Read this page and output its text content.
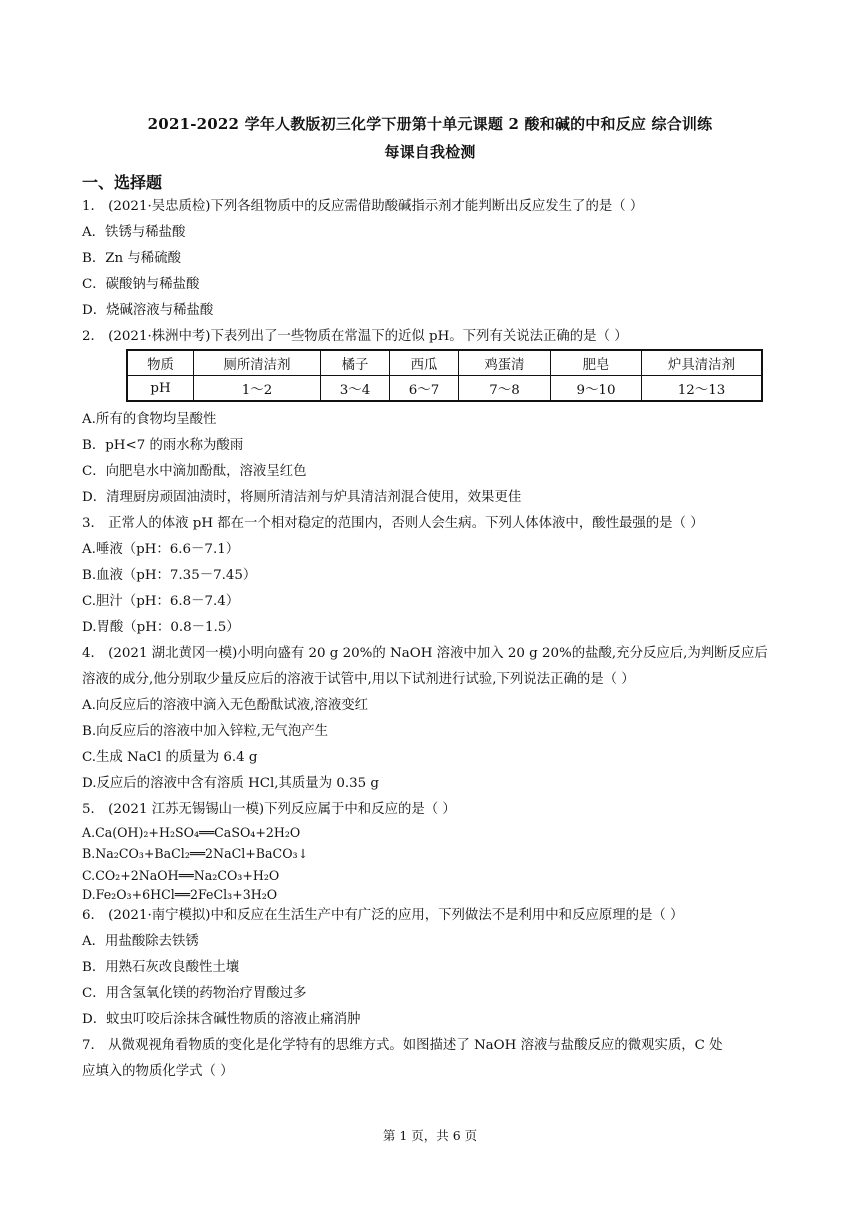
2021-2022 学年人教版初三化学下册第十单元课题 2 酸和碱的中和反应 综合训练
每课自我检测
一、选择题
1． (2021·吴忠质检)下列各组物质中的反应需借助酸碱指示剂才能判断出反应发生了的是（ ）
A．铁锈与稀盐酸
B．Zn 与稀硫酸
C．碳酸钠与稀盐酸
D．烧碱溶液与稀盐酸
2． (2021·株洲中考)下表列出了一些物质在常温下的近似 pH。下列有关说法正确的是（ ）
物质	厕所清洁剂	橘子	西瓜	鸡蛋清	肥皂	炉具清洁剂
pH	1～2	3～4	6～7	7～8	9～10	12～13
A.所有的食物均呈酸性
B．pH<7 的雨水称为酸雨
C．向肥皂水中滴加酚酞，溶液呈红色
D．清理厨房顽固油渍时，将厕所清洁剂与炉具清洁剂混合使用，效果更佳
3． 正常人的体液 pH 都在一个相对稳定的范围内，否则人会生病。下列人体体液中，酸性最强的是（ ）
A.唾液（pH：6.6－7.1）
B.血液（pH：7.35－7.45）
C.胆汁（pH：6.8－7.4）
D.胃酸（pH：0.8－1.5）
4． (2021 湖北黄冈一模)小明向盛有 20 g 20%的 NaOH 溶液中加入 20 g 20%的盐酸,充分反应后,为判断反应后
溶液的成分,他分别取少量反应后的溶液于试管中,用以下试剂进行试验,下列说法正确的是（ ）
A.向反应后的溶液中滴入无色酚酞试液,溶液变红
B.向反应后的溶液中加入锌粒,无气泡产生
C.生成 NaCl 的质量为 6.4 g
D.反应后的溶液中含有溶质 HCl,其质量为 0.35 g
5． (2021 江苏无锡锡山一模)下列反应属于中和反应的是（ ）
A.Ca(OH)₂+H₂SO₄══CaSO₄+2H₂O
B.Na₂CO₃+BaCl₂══2NaCl+BaCO₃↓
C.CO₂+2NaOH══Na₂CO₃+H₂O
D.Fe₂O₃+6HCl══2FeCl₃+3H₂O
6． (2021·南宁模拟)中和反应在生活生产中有广泛的应用，下列做法不是利用中和反应原理的是（ ）
A．用盐酸除去铁锈
B．用熟石灰改良酸性土壤
C．用含氢氧化镁的药物治疗胃酸过多
D．蚊虫叮咬后涂抹含碱性物质的溶液止痛消肿
7． 从微观视角看物质的变化是化学特有的思维方式。如图描述了 NaOH 溶液与盐酸反应的微观实质，C 处
应填入的物质化学式（ ）
第 1 页，共 6 页
